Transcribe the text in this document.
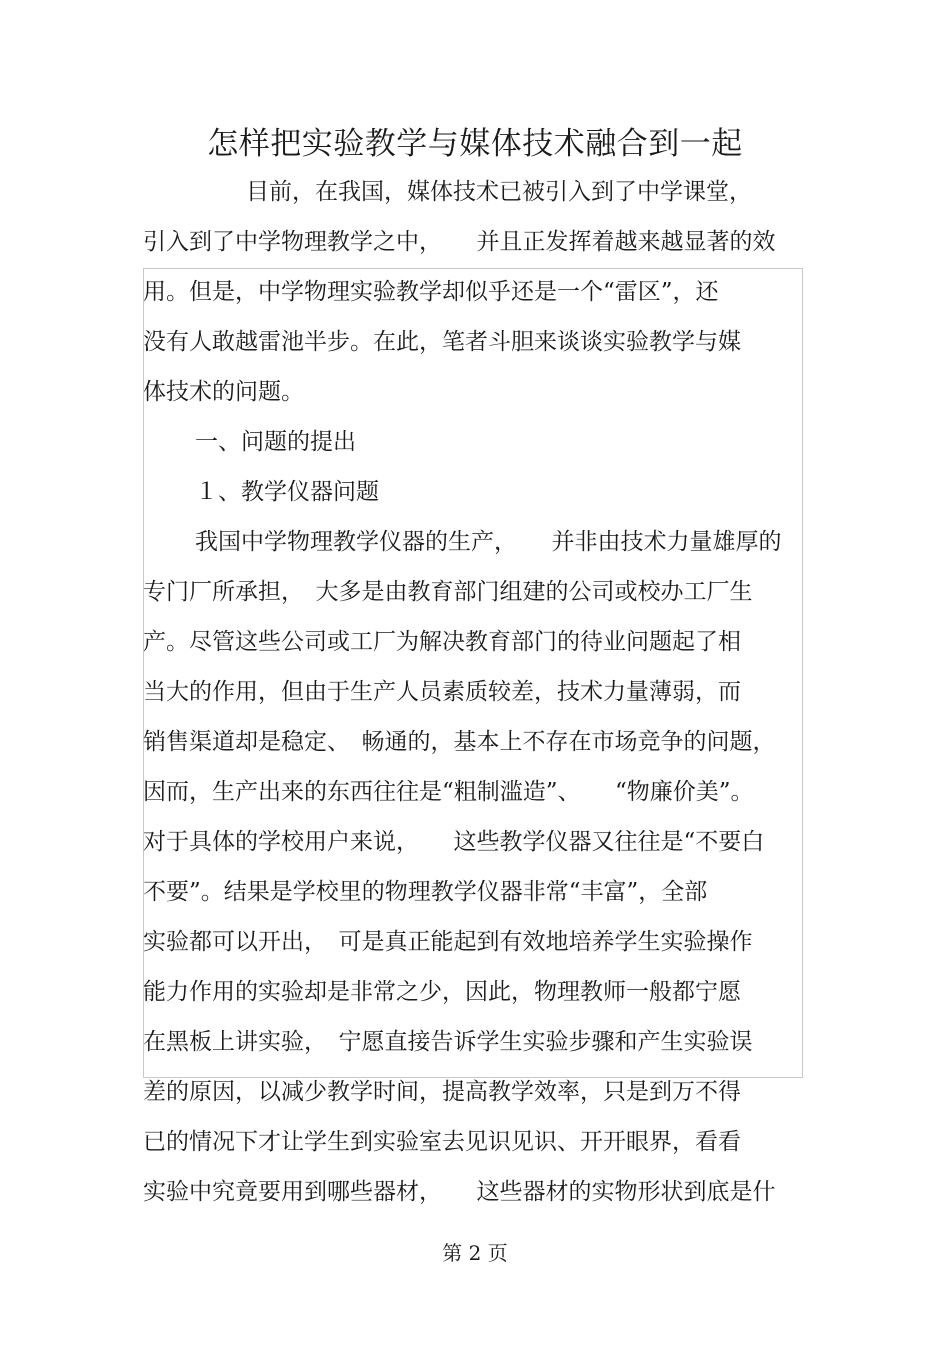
怎样把实验教学与媒体技术融合到一起
目前，在我国，媒体技术已被引入到了中学课堂，
引入到了中学物理教学之中，　　并且正发挥着越来越显著的效
用。但是，中学物理实验教学却似乎还是一个“雷区”，还
没有人敢越雷池半步。在此，笔者斗胆来谈谈实验教学与媒
体技术的问题。
一、问题的提出
１、教学仪器问题
我国中学物理教学仪器的生产，　　并非由技术力量雄厚的
专门厂所承担，　大多是由教育部门组建的公司或校办工厂生
产。尽管这些公司或工厂为解决教育部门的待业问题起了相
当大的作用，但由于生产人员素质较差，技术力量薄弱，而
销售渠道却是稳定、　畅通的，基本上不存在市场竞争的问题，
因而，生产出来的东西往往是“粗制滥造”、　　“物廉价美”。
对于具体的学校用户来说，　　这些教学仪器又往往是“不要白
不要”。结果是学校里的物理教学仪器非常“丰富”，全部
实验都可以开出，　可是真正能起到有效地培养学生实验操作
能力作用的实验却是非常之少，因此，物理教师一般都宁愿
在黑板上讲实验，　宁愿直接告诉学生实验步骤和产生实验误
差的原因，以减少教学时间，提高教学效率，只是到万不得
已的情况下才让学生到实验室去见识见识、开开眼界，看看
实验中究竟要用到哪些器材，　　这些器材的实物形状到底是什
第 2 页
